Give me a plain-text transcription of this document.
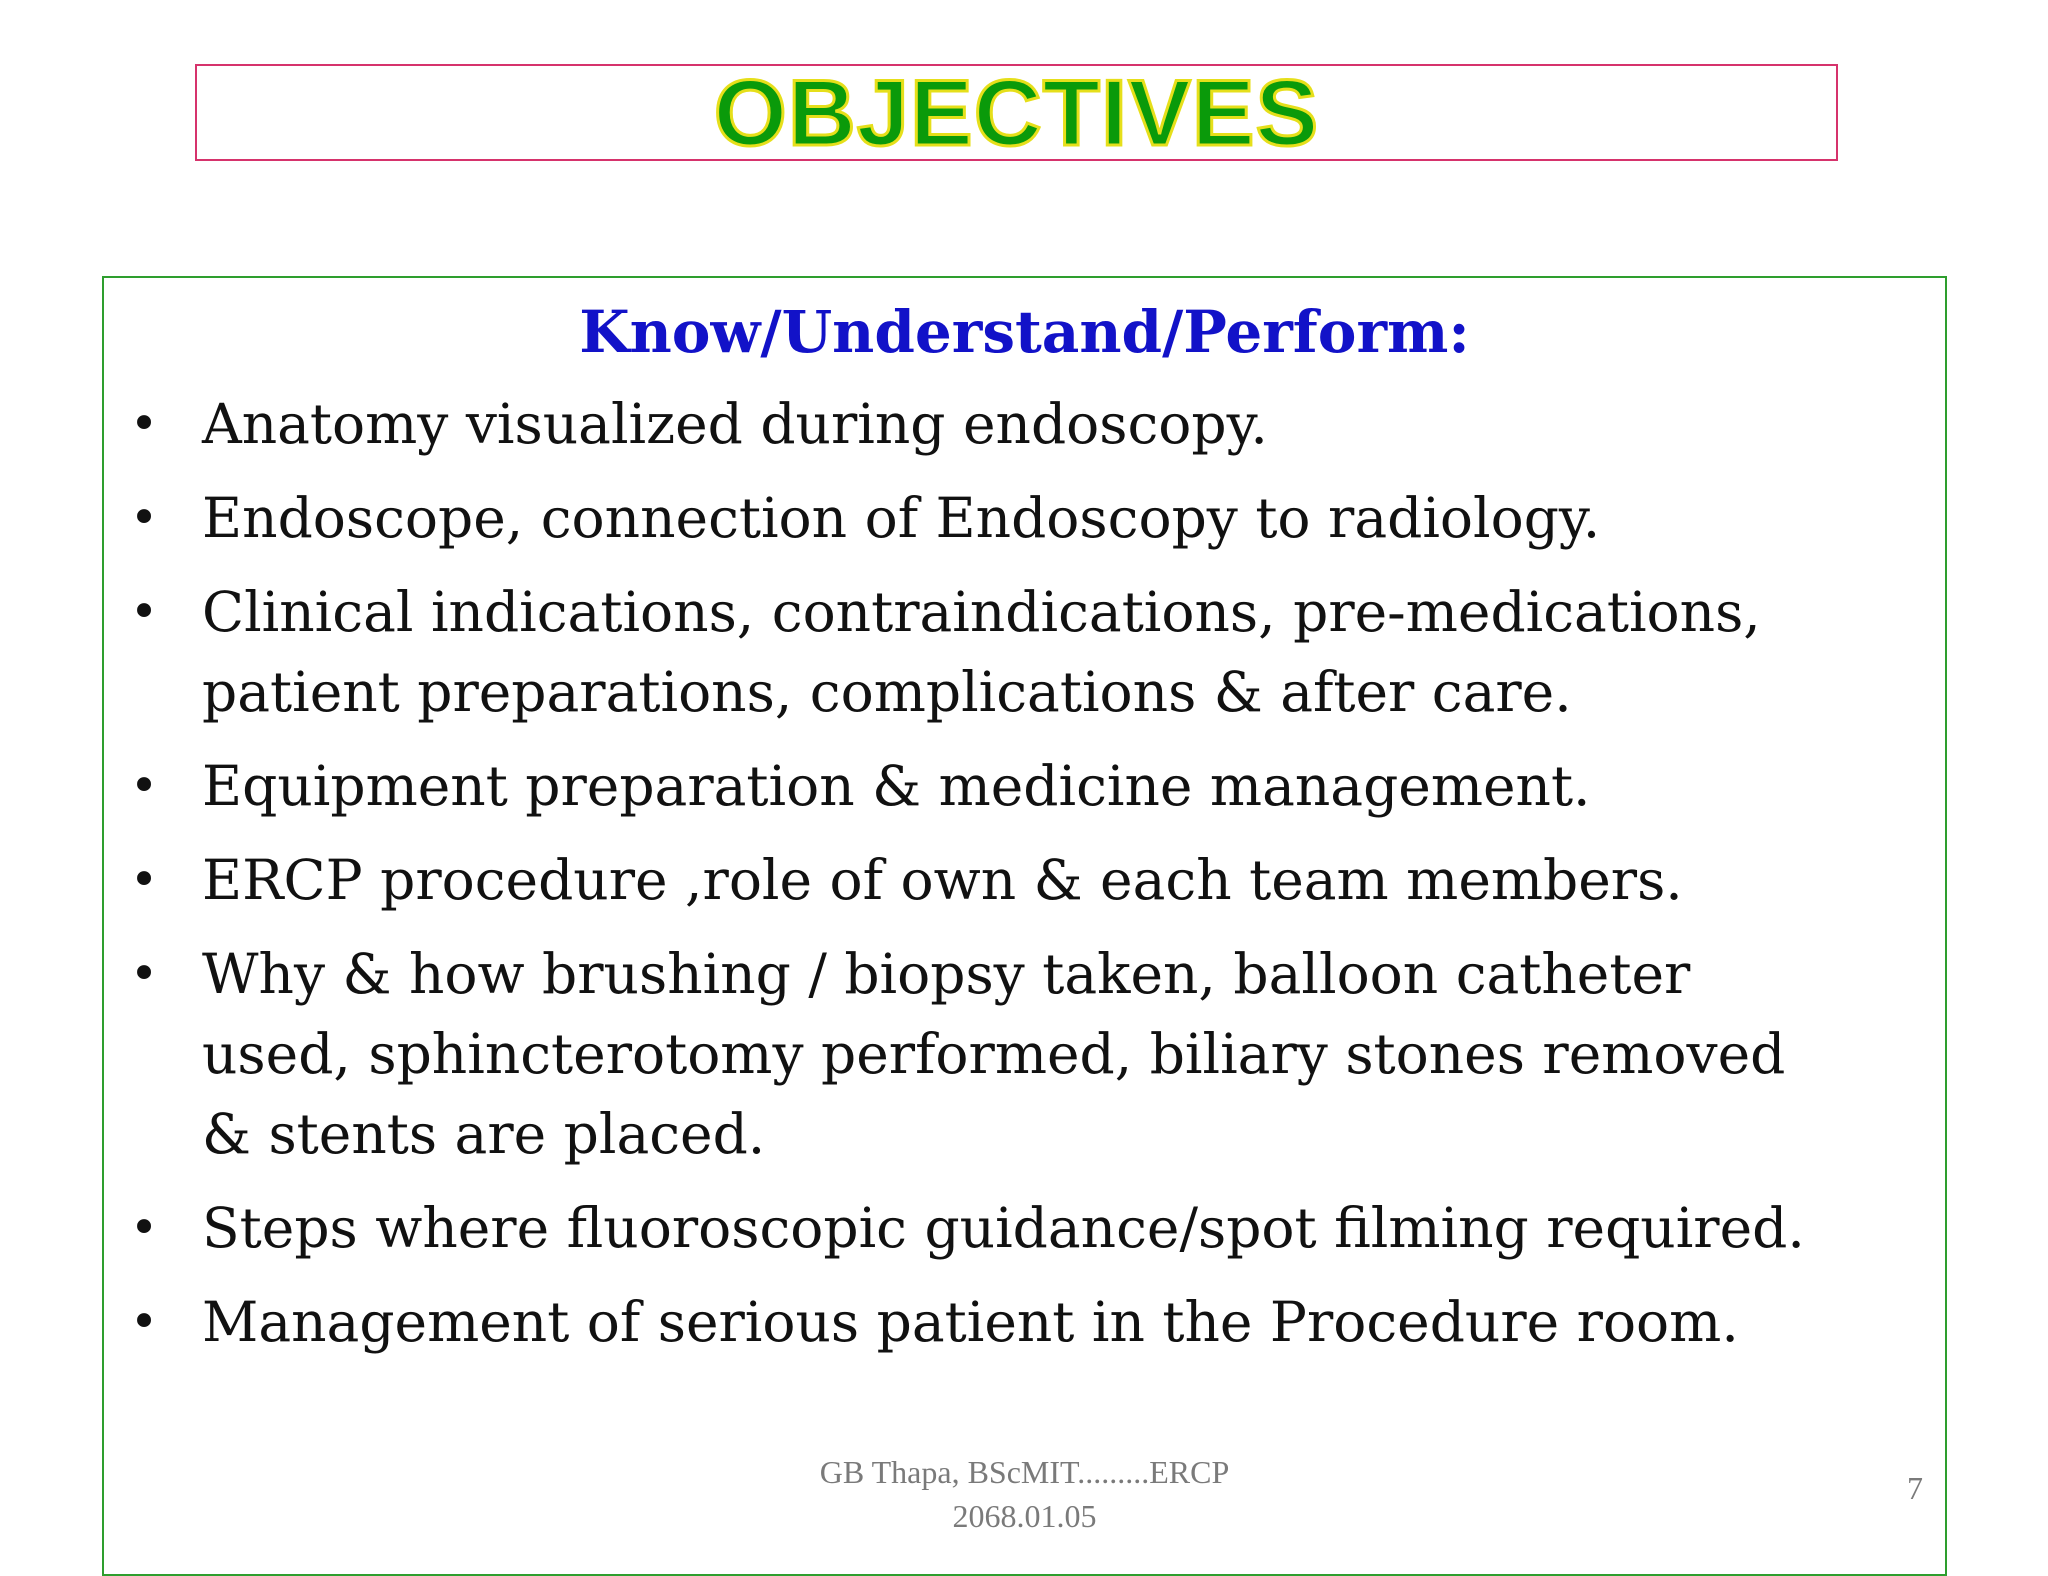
OBJECTIVES
Know/Understand/Perform:
• Anatomy visualized during endoscopy.
• Endoscope, connection of Endoscopy to radiology.
• Clinical indications, contraindications, pre-medications, patient preparations, complications & after care.
• Equipment preparation & medicine management.
• ERCP procedure ,role of own & each team members.
• Why & how brushing / biopsy taken, balloon catheter used, sphincterotomy performed, biliary stones removed & stents are placed.
• Steps where fluoroscopic guidance/spot filming required.
• Management of serious patient in the Procedure room.
GB Thapa, BScMIT.........ERCP
2068.01.05
7
